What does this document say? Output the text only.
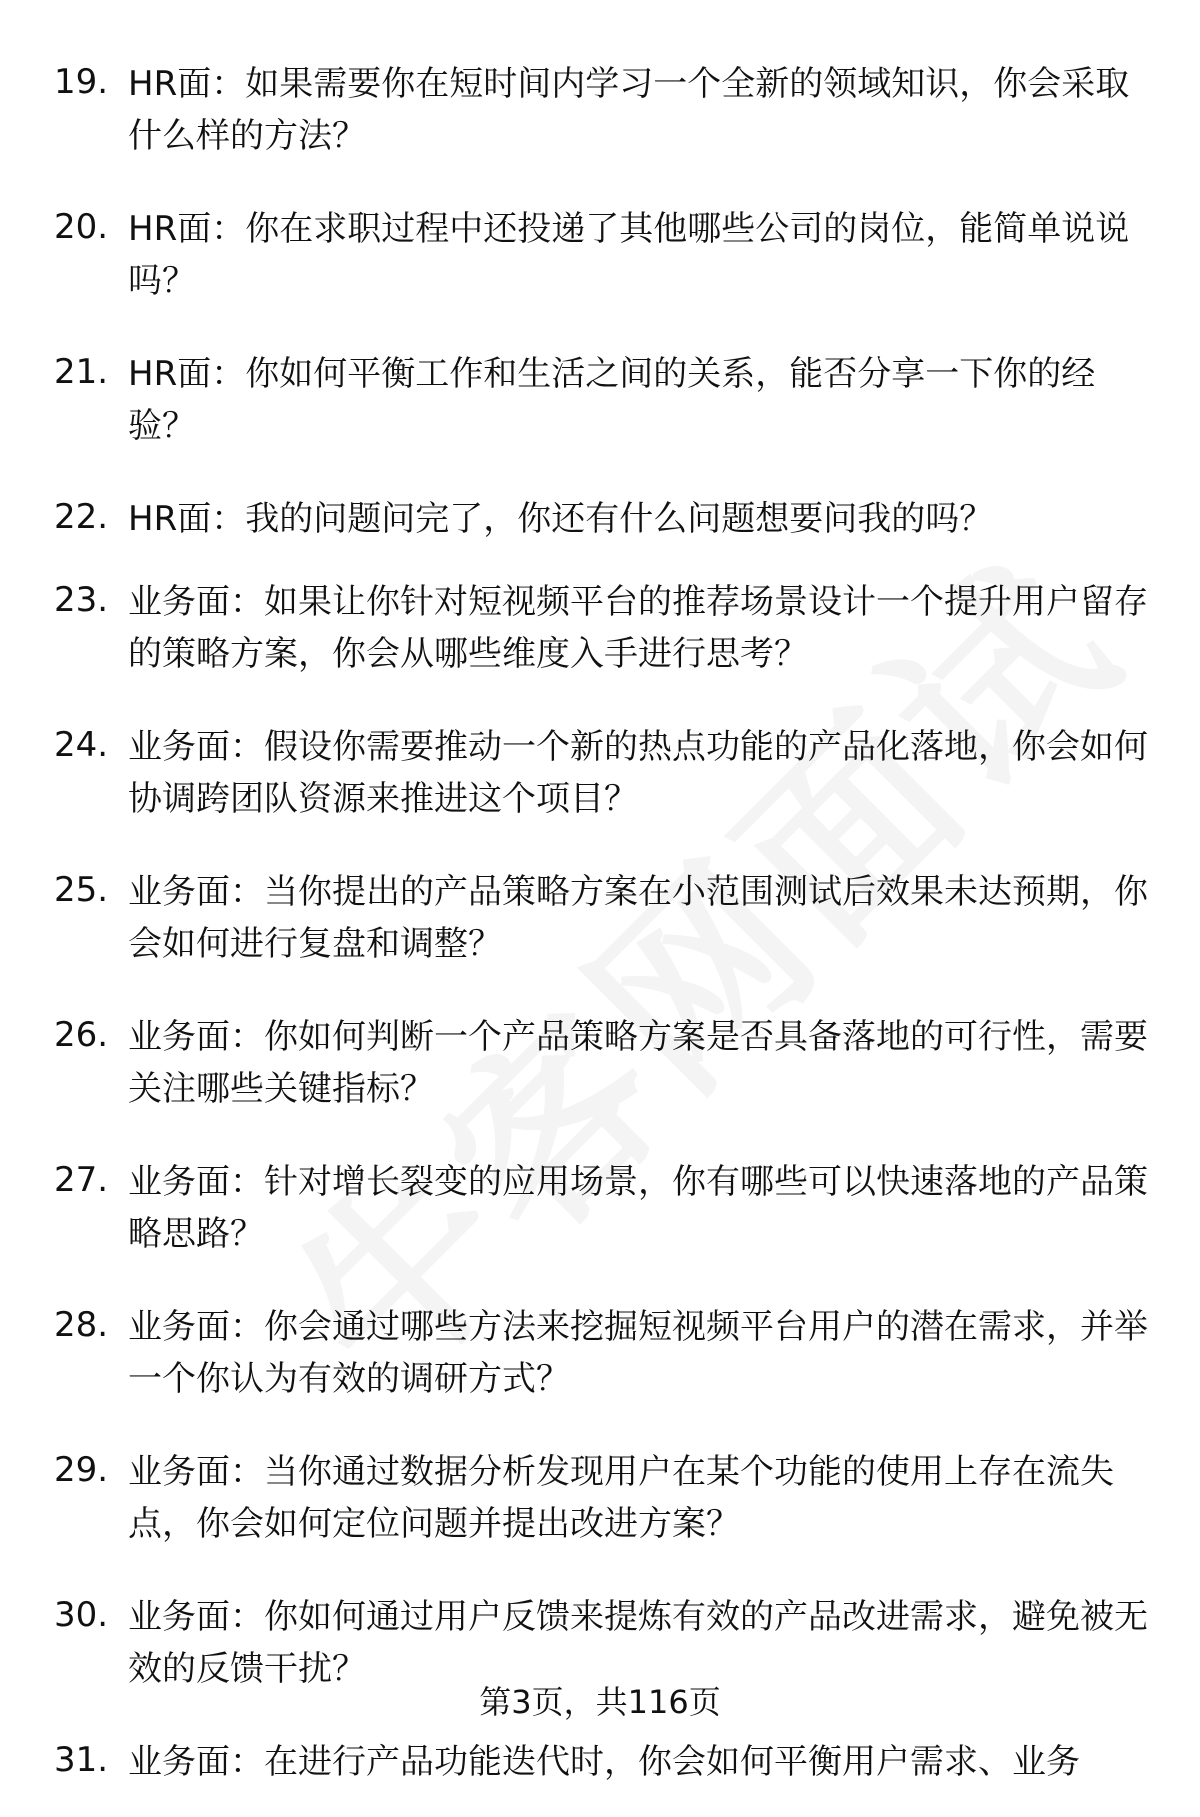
19. HR面：如果需要你在短时间内学习一个全新的领域知识，你会采取什么样的方法？
20. HR面：你在求职过程中还投递了其他哪些公司的岗位，能简单说说吗？
21. HR面：你如何平衡工作和生活之间的关系，能否分享一下你的经验？
22. HR面：我的问题问完了，你还有什么问题想要问我的吗？
23. 业务面：如果让你针对短视频平台的推荐场景设计一个提升用户留存的策略方案，你会从哪些维度入手进行思考？
24. 业务面：假设你需要推动一个新的热点功能的产品化落地，你会如何协调跨团队资源来推进这个项目？
25. 业务面：当你提出的产品策略方案在小范围测试后效果未达预期，你会如何进行复盘和调整？
26. 业务面：你如何判断一个产品策略方案是否具备落地的可行性，需要关注哪些关键指标？
27. 业务面：针对增长裂变的应用场景，你有哪些可以快速落地的产品策略思路？
28. 业务面：你会通过哪些方法来挖掘短视频平台用户的潜在需求，并举一个你认为有效的调研方式？
29. 业务面：当你通过数据分析发现用户在某个功能的使用上存在流失点，你会如何定位问题并提出改进方案？
30. 业务面：你如何通过用户反馈来提炼有效的产品改进需求，避免被无效的反馈干扰？
31. 业务面：在进行产品功能迭代时，你会如何平衡用户需求、业务
第3页，共116页
